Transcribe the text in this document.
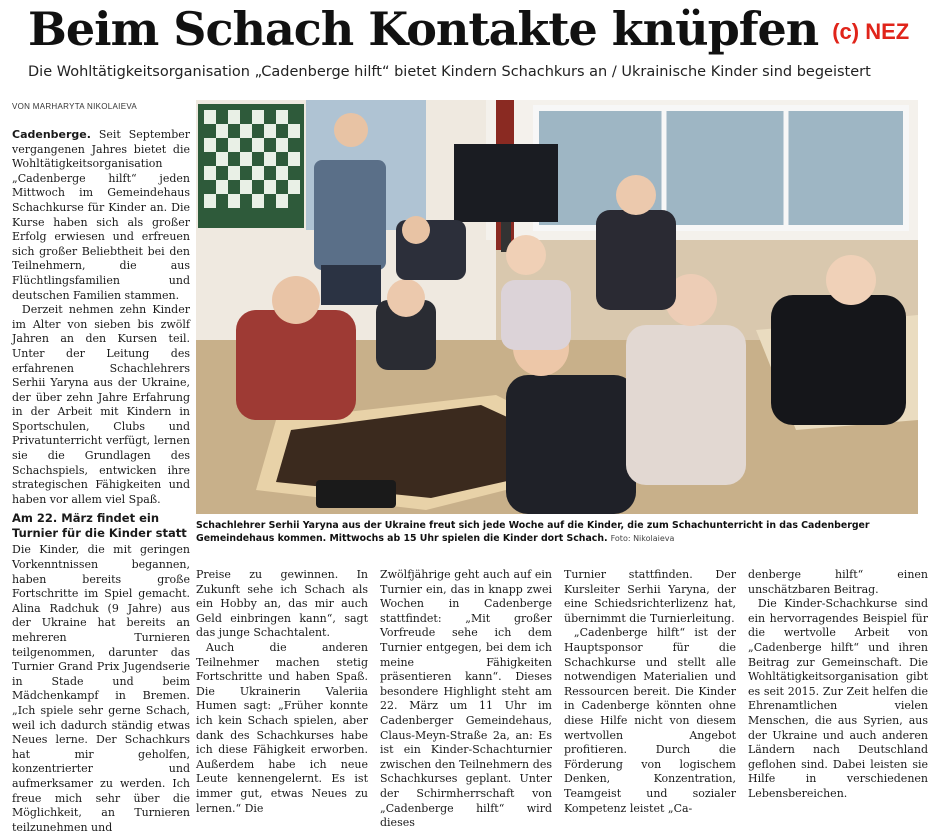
Beim Schach Kontakte knüpfen (c) NEZ
Die Wohltätigkeitsorganisation „Cadenberge hilft“ bietet Kindern Schachkurs an / Ukrainische Kinder sind begeistert
VON MARHARYTA NIKOLAIEVA

Cadenberge. Seit September vergangenen Jahres bietet die Wohltätigkeitsorganisation „Cadenberge hilft“ jeden Mittwoch im Gemeindehaus Schachkurse für Kinder an. Die Kurse haben sich als großer Erfolg erwiesen und erfreuen sich großer Beliebtheit bei den Teilnehmern, die aus Flüchtlingsfamilien und deutschen Familien stammen.

Derzeit nehmen zehn Kinder im Alter von sieben bis zwölf Jahren an den Kursen teil. Unter der Leitung des erfahrenen Schachlehrers Serhii Yaryna aus der Ukraine, der über zehn Jahre Erfahrung in der Arbeit mit Kindern in Sportschulen, Clubs und Privatunterricht verfügt, lernen sie die Grundlagen des Schachspiels, entwicken ihre strategischen Fähigkeiten und haben vor allem viel Spaß.

Am 22. März findet ein Turnier für die Kinder statt

Die Kinder, die mit geringen Vorkenntnissen begannen, haben bereits große Fortschritte im Spiel gemacht. Alina Radchuk (9 Jahre) aus der Ukraine hat bereits an mehreren Turnieren teilgenommen, darunter das Turnier Grand Prix Jugendserie in Stade und beim Mädchenkampf in Bremen. „Ich spiele sehr gerne Schach, weil ich dadurch ständig etwas Neues lerne. Der Schachkurs hat mir geholfen, konzentrierter und aufmerksamer zu werden. Ich freue mich sehr über die Möglichkeit, an Turnieren teilzunehmen und

Schachlehrer Serhii Yaryna aus der Ukraine freut sich jede Woche auf die Kinder, die zum Schachunterricht in das Cadenberger Gemeindehaus kommen. Mittwochs ab 15 Uhr spielen die Kinder dort Schach. Foto: Nikolaieva

Preise zu gewinnen. In Zukunft sehe ich Schach als ein Hobby an, das mir auch Geld einbringen kann“, sagt das junge Schachtalent.

Auch die anderen Teilnehmer machen stetig Fortschritte und haben Spaß. Die Ukrainerin Valeriia Humen sagt: „Früher konnte ich kein Schach spielen, aber dank des Schachkurses habe ich diese Fähigkeit erworben. Außerdem habe ich neue Leute kennengelernt. Es ist immer gut, etwas Neues zu lernen.“ Die

Zwölfjährige geht auch auf ein Turnier ein, das in knapp zwei Wochen in Cadenberge stattfindet: „Mit großer Vorfreude sehe ich dem Turnier entgegen, bei dem ich meine Fähigkeiten präsentieren kann“. Dieses besondere Highlight steht am 22. März um 11 Uhr im Cadenberger Gemeindehaus, Claus-Meyn-Straße 2a, an: Es ist ein Kinder-Schachturnier zwischen den Teilnehmern des Schachkurses geplant. Unter der Schirmherrschaft von „Cadenberge hilft“ wird dieses

Turnier stattfinden. Der Kursleiter Serhii Yaryna, der eine Schiedsrichterlizenz hat, übernimmt die Turnierleitung.

„Cadenberge hilft“ ist der Hauptsponsor für die Schachkurse und stellt alle notwendigen Materialien und Ressourcen bereit. Die Kinder in Cadenberge könnten ohne diese Hilfe nicht von diesem wertvollen Angebot profitieren. Durch die Förderung von logischem Denken, Konzentration, Teamgeist und sozialer Kompetenz leistet „Ca-

denberge hilft“ einen unschätzbaren Beitrag.

Die Kinder-Schachkurse sind ein hervorragendes Beispiel für die wertvolle Arbeit von „Cadenberge hilft“ und ihren Beitrag zur Gemeinschaft. Die Wohltätigkeitsorganisation gibt es seit 2015. Zur Zeit helfen die Ehrenamtlichen vielen Menschen, die aus Syrien, aus der Ukraine und auch anderen Ländern nach Deutschland geflohen sind. Dabei leisten sie Hilfe in verschiedenen Lebensbereichen.
